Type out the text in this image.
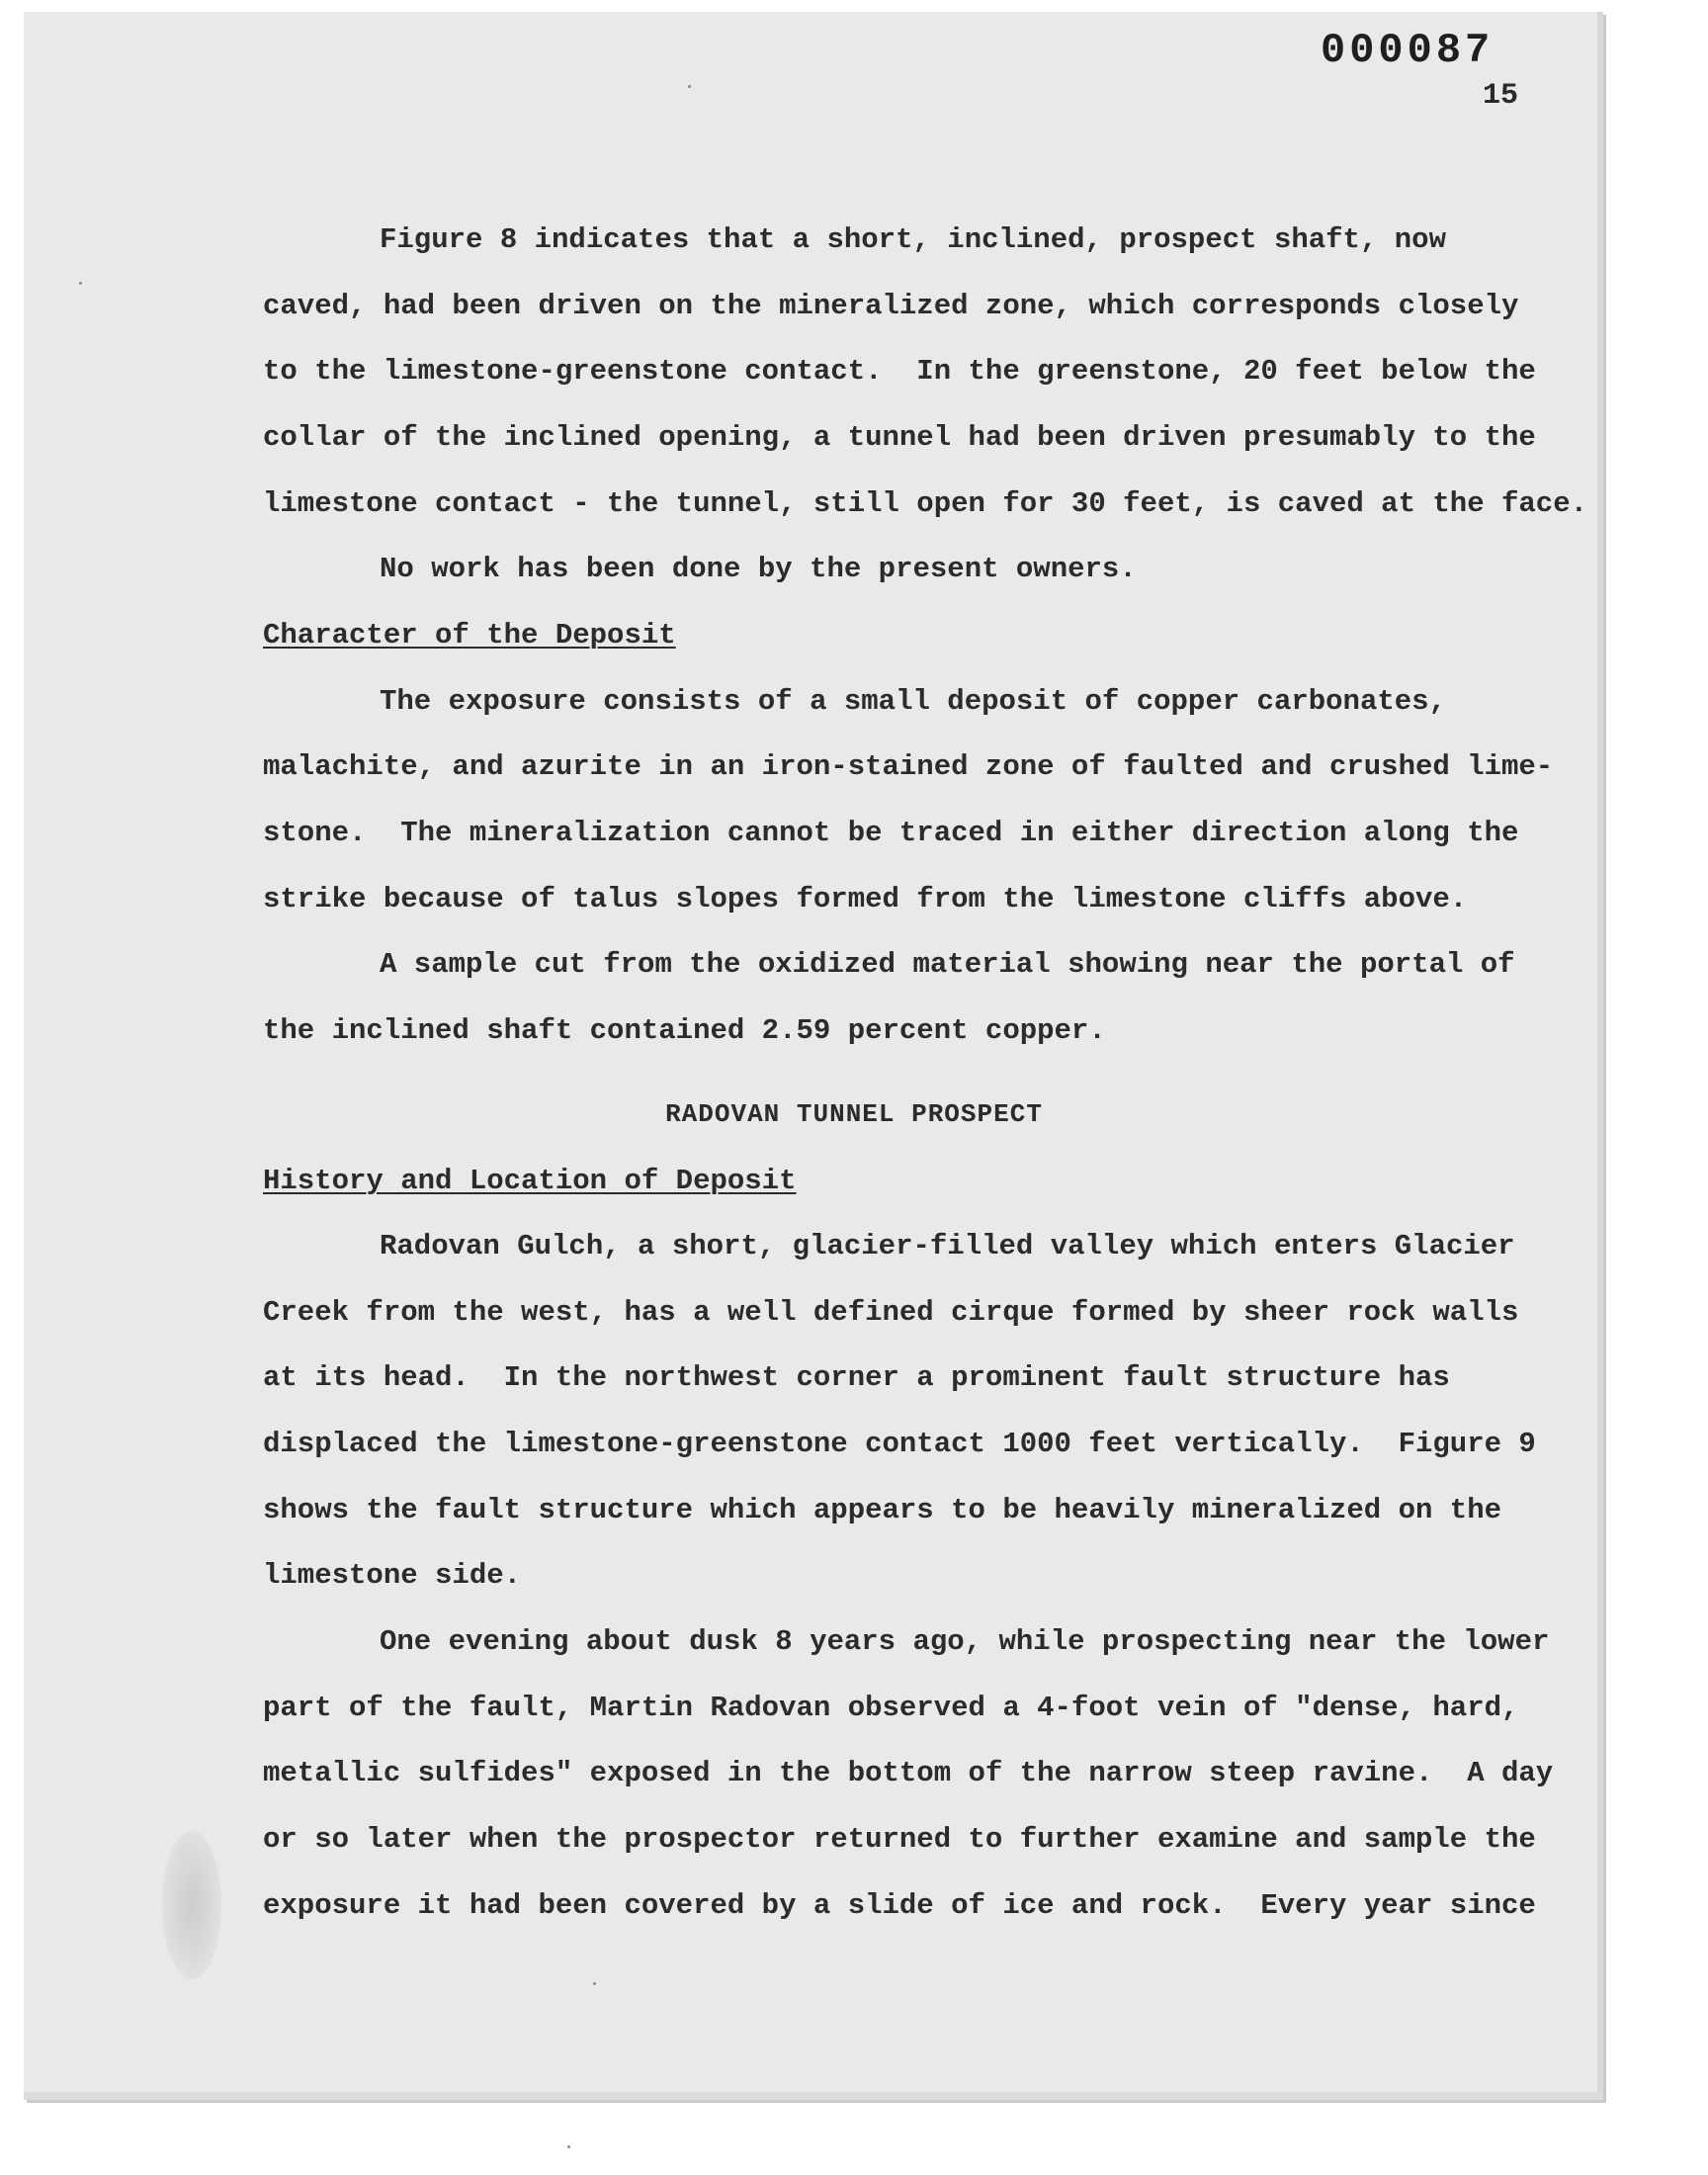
000087
15
Figure 8 indicates that a short, inclined, prospect shaft, now
caved, had been driven on the mineralized zone, which corresponds closely
to the limestone-greenstone contact.  In the greenstone, 20 feet below the
collar of the inclined opening, a tunnel had been driven presumably to the
limestone contact - the tunnel, still open for 30 feet, is caved at the face.
No work has been done by the present owners.
Character of the Deposit
The exposure consists of a small deposit of copper carbonates,
malachite, and azurite in an iron-stained zone of faulted and crushed lime-
stone.  The mineralization cannot be traced in either direction along the
strike because of talus slopes formed from the limestone cliffs above.
A sample cut from the oxidized material showing near the portal of
the inclined shaft contained 2.59 percent copper.
RADOVAN TUNNEL PROSPECT
History and Location of Deposit
Radovan Gulch, a short, glacier-filled valley which enters Glacier
Creek from the west, has a well defined cirque formed by sheer rock walls
at its head.  In the northwest corner a prominent fault structure has
displaced the limestone-greenstone contact 1000 feet vertically.  Figure 9
shows the fault structure which appears to be heavily mineralized on the
limestone side.
One evening about dusk 8 years ago, while prospecting near the lower
part of the fault, Martin Radovan observed a 4-foot vein of "dense, hard,
metallic sulfides" exposed in the bottom of the narrow steep ravine.  A day
or so later when the prospector returned to further examine and sample the
exposure it had been covered by a slide of ice and rock.  Every year since
